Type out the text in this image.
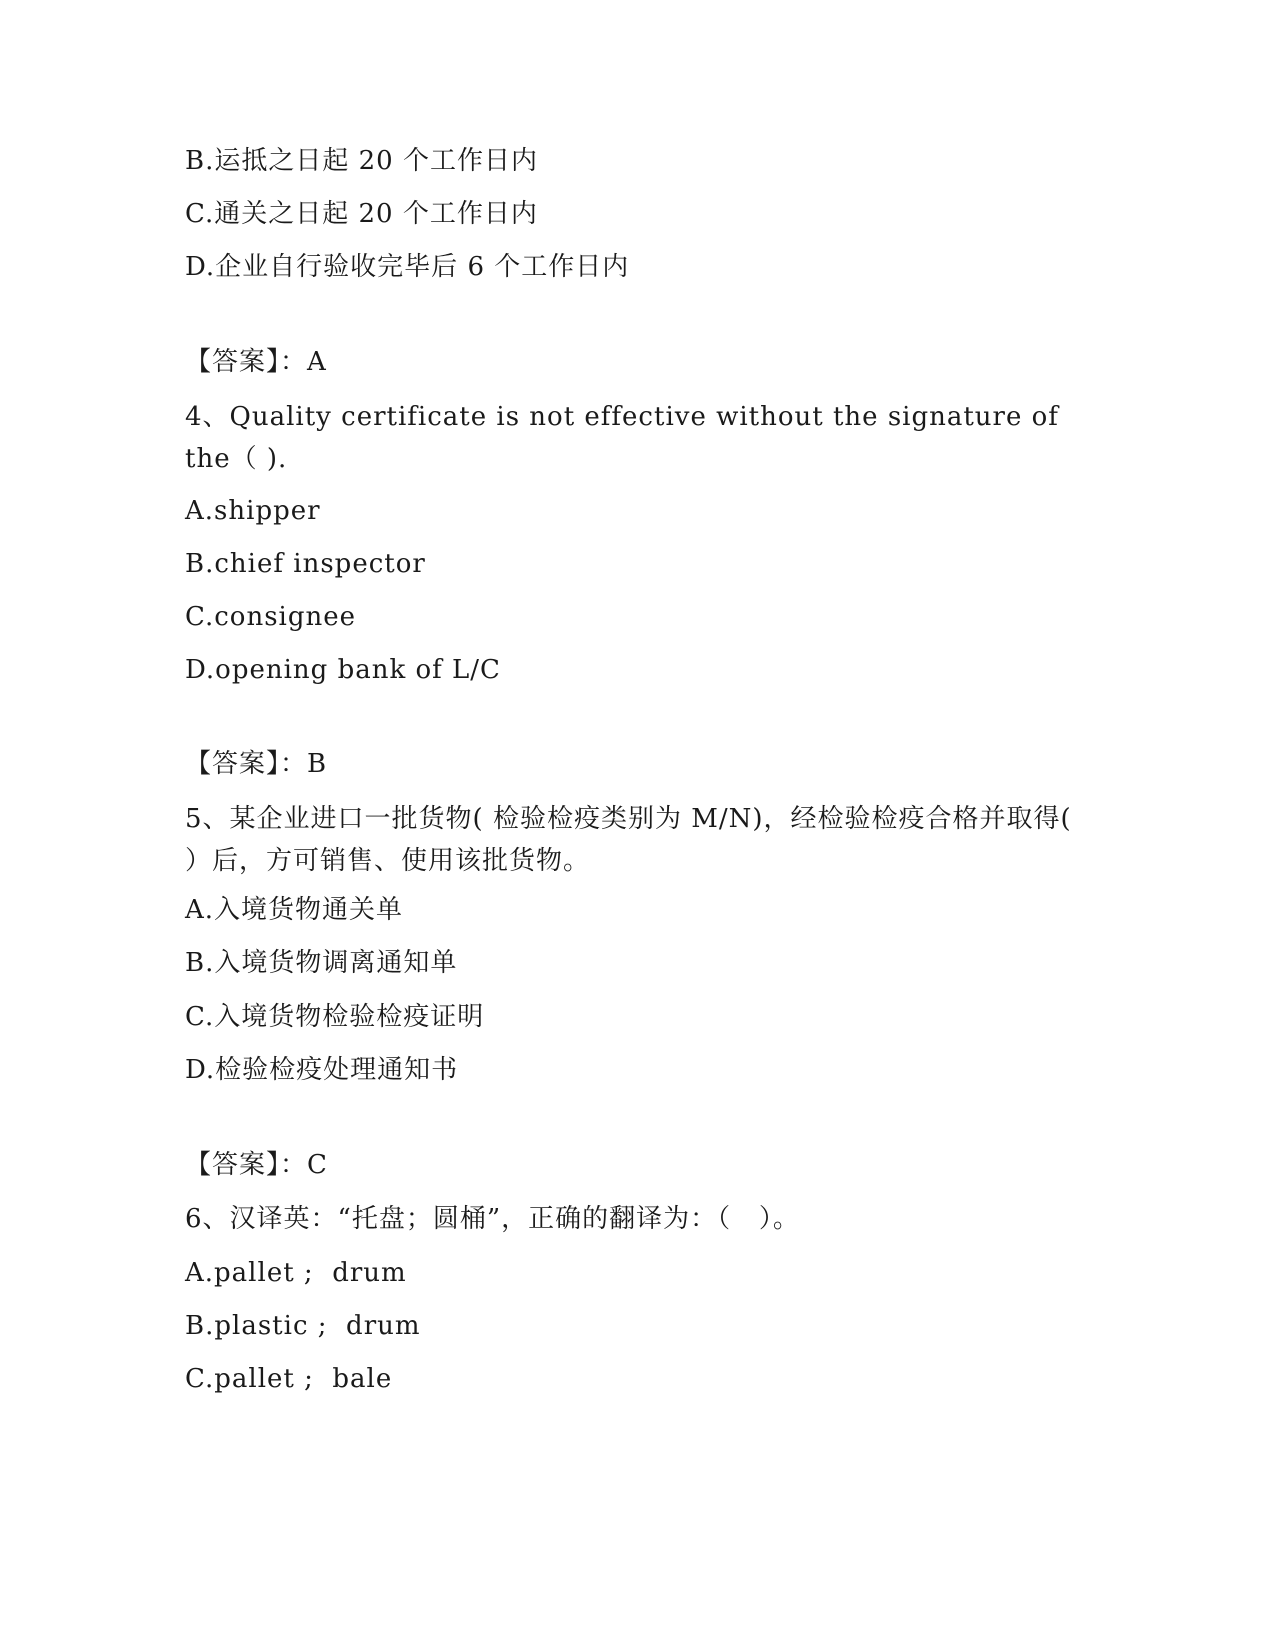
B.运抵之日起 20 个工作日内
C.通关之日起 20 个工作日内
D.企业自行验收完毕后 6 个工作日内
【答案】：A
4、Quality certificate is not effective without the signature of the（ ).
A.shipper
B.chief inspector
C.consignee
D.opening bank of L/C
【答案】：B
5、某企业进口一批货物( 检验检疫类别为 M/N)，经检验检疫合格并取得( ）后，方可销售、使用该批货物。
A.入境货物通关单
B.入境货物调离通知单
C.入境货物检验检疫证明
D.检验检疫处理通知书
【答案】：C
6、汉译英：“托盘；圆桶”，正确的翻译为：（   ）。
A.pallet ;  drum
B.plastic ;  drum
C.pallet ;  bale
